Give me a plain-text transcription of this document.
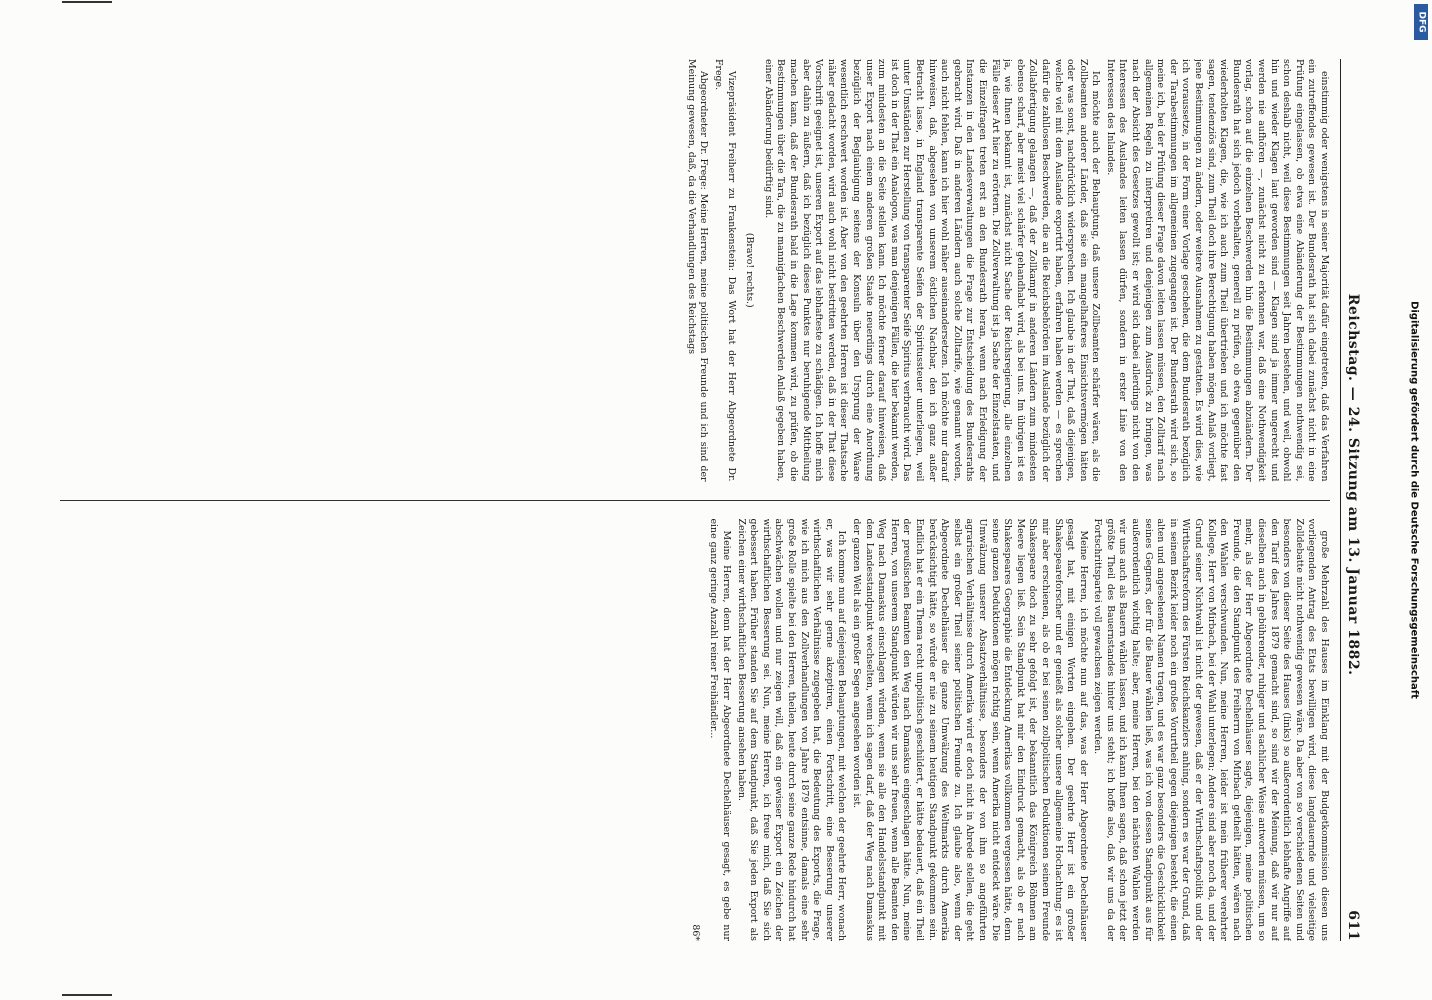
Reichstag. — 24. Sitzung am 13. Januar 1882.
611

einstimmig oder wenigstens in seiner Majorität dafür eingetreten, daß das Verfahren ein zutreffendes gewesen ist. Der Bundesrath hat sich dabei zunächst nicht in eine Prüfung eingelassen, ob etwa eine Abänderung der Bestimmungen nothwendig sei, schon deshalb nicht, weil diese Bestimmungen seit Jahren bestehen, und weil, obwohl hin und wieder Klagen laut geworden sind — Klagen sind ja immer ungerecht und werden nie aufhören —, zunächst nicht zu erkennen war, daß eine Nothwendigkeit vorlag, schon auf die einzelnen Beschwerden hin die Bestimmungen abzuändern. Der Bundesrath hat sich jedoch vorbehalten, generell zu prüfen, ob etwa gegenüber den wiederholten Klagen, die, wie ich auch zum Theil übertrieben und ich möchte fast sagen, tendenziös sind, zum Theil doch ihre Berechtigung haben mögen, Anlaß vorliegt, jene Bestimmungen zu ändern, oder weitere Ausnahmen zu gestatten. Es wird dies, wie ich voraussetze, in der Form einer Vorlage geschehen, die dem Bundesrath bezüglich der Tarabestimmungen im allgemeinen zugegangen ist. Der Bundesrath wird sich, so meine ich, bei der Prüfung dieser Frage davon leiten lassen müssen, den Zolltarif nach allgemeinen Regeln zu interpretiren und denjenigen zum Ausdruck zu bringen, was nach der Absicht des Gesetzes gewollt ist; er wird sich dabei allerdings nicht von den Interessen des Auslandes leiten lassen dürfen, sondern in erster Linie von den Interessen des Inlandes.

Ich möchte auch der Behauptung, daß unsere Zollbeamten schärfer wären, als die Zollbeamten anderer Länder, daß sie ein mangelhafteres Einsichtsvermögen hätten oder was sonst, nachdrücklich widersprechen. Ich glaube in der That, daß diejenigen, welche viel mit dem Auslande exportirt haben, erfahren haben werden — es sprechen dafür die zahllosen Beschwerden, die an die Reichsbehörden im Auslande bezüglich der Zollabfertigung gelangen —, daß der Zollkampf in anderen Ländern zum mindesten ebenso scharf, aber meist viel schärfer gehandhabt wird, als bei uns. Im übrigen ist es ja, wie Ihnen bekannt ist, zunächst nicht Sache der Reichsregierung, alle einzelnen Fälle dieser Art hier zu erörtern. Die Zollverwaltung ist ja Sache der Einzelstaaten, und die Einzelfragen treten erst an den Bundesrath heran, wenn nach Erledigung der Instanzen in den Landesverwaltungen die Frage zur Entscheidung des Bundesraths gebracht wird. Daß in anderen Ländern auch solche Zolltarife, wie genannt worden, auch nicht fehlen, kann ich hier wohl näher auseinandersetzen. Ich möchte nur darauf hinweisen, daß, abgesehen von unserem östlichen Nachbar, den ich ganz außer Betracht lasse, in England transparente Seifen der Spiritussteuer unterliegen, weil unter Umständen zur Herstellung von transparenter Seife Spiritus verbraucht wird. Das ist doch in der That ein Analogon, was man denjenigen Fällen, die hier bekannt werden, zum mindesten an die Seite stellen kann. Ich möchte ferner darauf hinweisen, daß unser Export nach einem anderen großen Staate neuerdings durch eine Anordnung bezüglich der Beglaubigung seitens der Konsuln über den Ursprung der Waare wesentlich erschwert worden ist. Aber von den geehrten Herren ist dieser Thatsache näher gedacht worden, wird auch wohl nicht bestritten werden, daß in der That diese Vorschrift geeignet ist, unseren Export auf das lebhafteste zu schädigen. Ich hoffe mich aber dahin zu äußern, daß ich bezüglich dieses Punktes nur beruhigende Mittheilung machen kann, daß der Bundesrath bald in die Lage kommen wird, zu prüfen, ob die Bestimmungen über die Tara, die zu mannigfachen Beschwerden Anlaß gegeben haben, einer Abänderung bedürftig sind.

(Bravo! rechts.)

Vizepräsident Freiherr zu Frankenstein: Das Wort hat der Herr Abgeordnete Dr. Frege.

Abgeordneter Dr. Frege: Meine Herren, meine politischen Freunde und ich sind der Meinung gewesen, daß, da die Verhandlungen des Reichstags

große Mehrzahl des Hauses im Einklang mit der Budgetkommission diesen uns vorliegenden Antrag des Etats bewilligen wird, diese langdauernde und vielseitige Zolldebatte nicht nothwendig gewesen wäre. Da aber von so verschiedenen Seiten und besonders von dieser Seite des Hauses (links) so außerordentlich lebhafte Angriffe auf den Tarif des Jahres 1879 gemacht sind, so sind wir der Meinung, daß wir nur auf dieselben auch in gebührender, ruhiger und sachlicher Weise antworten müssen, um so mehr, als der Herr Abgeordnete Dechelhäuser sagte, diejenigen, meine politischen Freunde, die den Standpunkt des Freiherrn von Mirbach getheilt hätten, wären nach den Wahlen verschwunden. Nun, meine Herren, leider ist mein früherer verehrter Kollege, Herr von Mirbach, bei der Wahl unterlegen; Andere sind aber noch da, und der Grund seiner Nichtwahl ist nicht der gewesen, daß er der Wirthschaftspolitik und der Wirthschaftsreform des Fürsten Reichskanzlers anhing, sondern es war der Grund, daß in seinem Bezirk leider noch ein großes Vorurtheil gegen diejenigen besteht, die einen alten und angesehenen Namen tragen, und es war ganz besonders die Geschicklichkeit seines Gegners, der für die Bauer wählen ließ, was ich von dessen Standpunkt aus für außerordentlich wichtig halte; aber, meine Herren, bei den nächsten Wahlen werden wir uns auch als Bauern wählen lassen, und ich kann Ihnen sagen, daß schon jetzt der größte Theil des Bauernstandes hinter uns steht; ich hoffe also, daß wir uns da der Fortschrittspartei voll gewachsen zeigen werden.

Meine Herren, ich möchte nun auf das, was der Herr Abgeordnete Dechelhäuser gesagt hat, mit einigen Worten eingehen. Der geehrte Herr ist ein großer Shakespeareforscher und er genießt als solcher unsere allgemeine Hochachtung; es ist mir aber erschienen, als ob er bei seinen zollpolitischen Deduktionen seinem Freunde Shakespeare doch zu sehr gefolgt ist, der bekanntlich das Königreich Böhmen am Meere liegen ließ. Sein Standpunkt hat mir den Eindruck gemacht, als ob er nach Shakespeares Geographie die Entdeckung Amerikas vollkommen vergessen hätte, denn seine ganzen Deduktionen mögen richtig sein, wenn Amerika nicht entdeckt wäre. Die Umwälzung unserer Absatzverhältnisse, besonders der von ihm so angeführten agrarischen Verhältnisse durch Amerika wird er doch nicht in Abrede stellen, die geht selbst ein großer Theil seiner politischen Freunde zu. Ich glaube also, wenn der Abgeordnete Dechelhäuser die ganze Umwälzung des Weltmarkts durch Amerika berücksichtigt hätte, so würde er nie zu seinem heutigen Standpunkt gekommen sein. Endlich hat er ein Thema recht unpolitisch geschildert, er hätte bedauert, daß ein Theil der preußischen Beamten den Weg nach Damaskus eingeschlagen hätte. Nun, meine Herren, von unserem Standpunkt würden wir uns sehr freuen, wenn alle Beamten den Weg nach Damaskus einschlagen würden, wenn sie alle den Handelsstandpunkt mit dem Landesstandpunkt wechselten, wenn ich sagen darf, daß der Weg nach Damaskus der ganzen Welt als ein großer Segen angesehen worden ist.

Ich komme nun auf diejenigen Behauptungen, mit welchen der geehrte Herr, wonach er, was wir sehr gerne akzeptiren, einen Fortschritt, eine Besserung unserer wirthschaftlichen Verhältnisse zugegeben hat, die Bedeutung des Exports, die Frage, wie ich mich aus den Zollverhandlungen von Jahre 1879 entsinne, damals eine sehr große Rolle spielte bei den Herren, theilen, heute durch seine ganze Rede hindurch hat abschwächen wollen und nur zeigen will, daß ein gewisser Export ein Zeichen der wirthschaftlichen Besserung sei. Nun, meine Herren, ich freue mich, daß Sie sich gebessert haben. Früher standen Sie auf dem Standpunkt, daß Sie jeden Export als Zeichen einer wirthschaftlichen Besserung ansehen haben.

Meine Herren, denn hat der Herr Abgeordnete Dechelhäuser gesagt, es gebe nur eine ganz geringe Anzahl reiner Freihändler...

86*
Digitalisierung gefördert durch die Deutsche Forschungsgemeinschaft
DFG
